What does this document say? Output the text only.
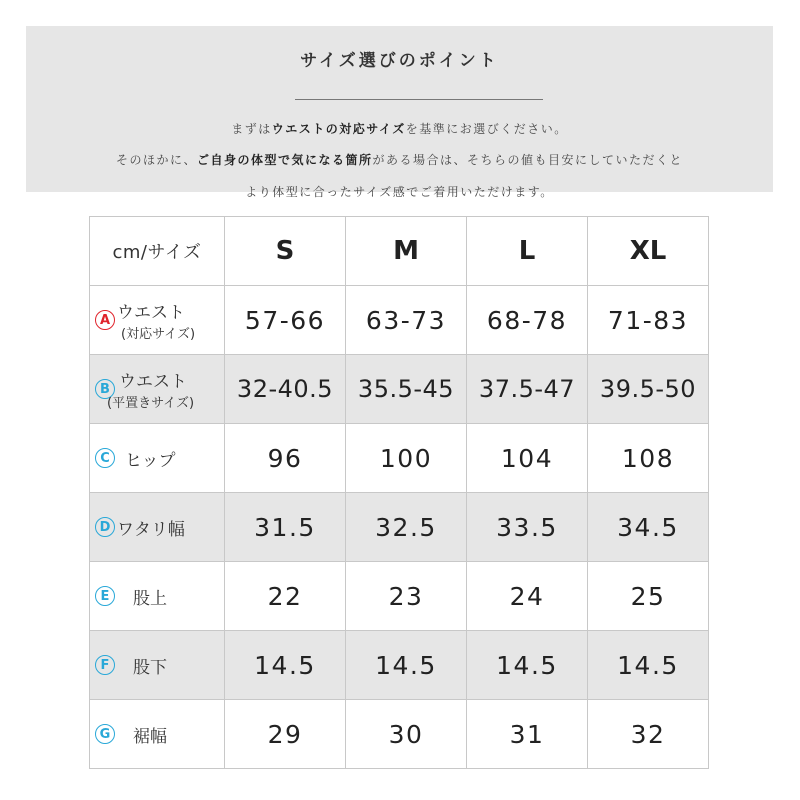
サイズ選びのポイント
まずはウエストの対応サイズを基準にお選びください。
そのほかに、ご自身の体型で気になる箇所がある場合は、そちらの値も目安にしていただくと
より体型に合ったサイズ感でご着用いただけます。
cm/サイズ	S	M	L	XL

A ウエスト
(対応サイズ)	57-66	63-73	68-78	71-83

B ウエスト
(平置きサイズ)	32-40.5	35.5-45	37.5-47	39.5-50

C ヒップ	96	100	104	108

D ワタリ幅	31.5	32.5	33.5	34.5

E 股上	22	23	24	25

F 股下	14.5	14.5	14.5	14.5

G 裾幅	29	30	31	32
